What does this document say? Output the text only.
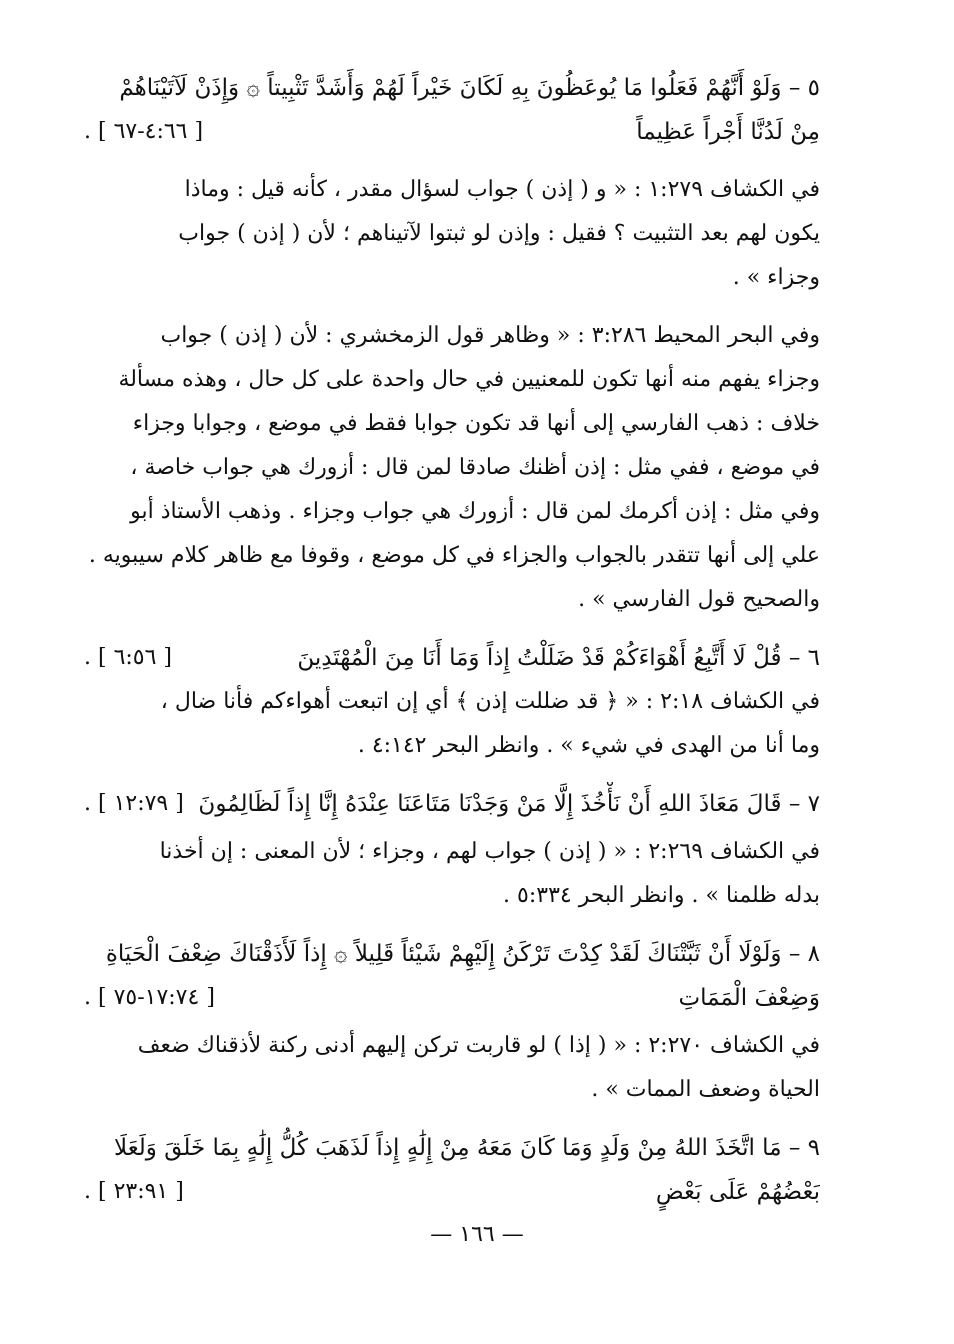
٥ – وَلَوْ أَنَّهُمْ فَعَلُوا مَا يُوعَظُونَ بِهِ لَكَانَ خَيْراً لَهُمْ وَأَشَدَّ تَثْبِيتاً ۞ وَإِذَنْ لَآتَيْنَاهُمْ
مِنْ لَدُنَّا أَجْراً عَظِيماً
. [ ٤:٦٦-٦٧ ]
في الكشاف ١:٢٧٩ : « و ( إذن ) جواب لسؤال مقدر ، كأنه قيل : وماذا
يكون لهم بعد التثبيت ؟ فقيل : وإذن لو ثبتوا لآتيناهم ؛ لأن ( إذن ) جواب
وجزاء » .
وفي البحر المحيط ٣:٢٨٦ : « وظاهر قول الزمخشري : لأن ( إذن ) جواب
وجزاء يفهم منه أنها تكون للمعنيين في حال واحدة على كل حال ، وهذه مسألة
خلاف : ذهب الفارسي إلى أنها قد تكون جوابا فقط في موضع ، وجوابا وجزاء
في موضع ، ففي مثل : إذن أظنك صادقا لمن قال : أزورك هي جواب خاصة ،
وفي مثل : إذن أكرمك لمن قال : أزورك هي جواب وجزاء . وذهب الأستاذ أبو
علي إلى أنها تتقدر بالجواب والجزاء في كل موضع ، وقوفا مع ظاهر كلام سيبويه .
والصحيح قول الفارسي » .
٦ – قُلْ لَا أَتَّبِعُ أَهْوَاءَكُمْ قَدْ ضَلَلْتُ إِذاً وَمَا أَنَا مِنَ الْمُهْتَدِينَ
. [ ٦:٥٦ ]
في الكشاف ٢:١٨ : « ﴿ قد ضللت إذن ﴾ أي إن اتبعت أهواءكم فأنا ضال ،
وما أنا من الهدى في شيء » . وانظر البحر ٤:١٤٢ .
٧ – قَالَ مَعَاذَ اللهِ أَنْ نَأْخُذَ إِلَّا مَنْ وَجَدْنَا مَتَاعَنَا عِنْدَهُ إِنَّا إِذاً لَظَالِمُونَ
. [ ١٢:٧٩ ]
في الكشاف ٢:٢٦٩ : « ( إذن ) جواب لهم ، وجزاء ؛ لأن المعنى : إن أخذنا
بدله ظلمنا » . وانظر البحر ٥:٣٣٤ .
٨ – وَلَوْلَا أَنْ ثَبَّتْنَاكَ لَقَدْ كِدْتَ تَرْكَنُ إِلَيْهِمْ شَيْئاً قَلِيلاً ۞ إِذاً لَأَذَقْنَاكَ ضِعْفَ الْحَيَاةِ
وَضِعْفَ الْمَمَاتِ
. [ ١٧:٧٤-٧٥ ]
في الكشاف ٢:٢٧٠ : « ( إذا ) لو قاربت تركن إليهم أدنى ركنة لأذقناك ضعف
الحياة وضعف الممات » .
٩ – مَا اتَّخَذَ اللهُ مِنْ وَلَدٍ وَمَا كَانَ مَعَهُ مِنْ إِلَٰهٍ إِذاً لَذَهَبَ كُلُّ إِلَٰهٍ بِمَا خَلَقَ وَلَعَلَا
بَعْضُهُمْ عَلَى بَعْضٍ
. [ ٢٣:٩١ ]
— ١٦٦ —
